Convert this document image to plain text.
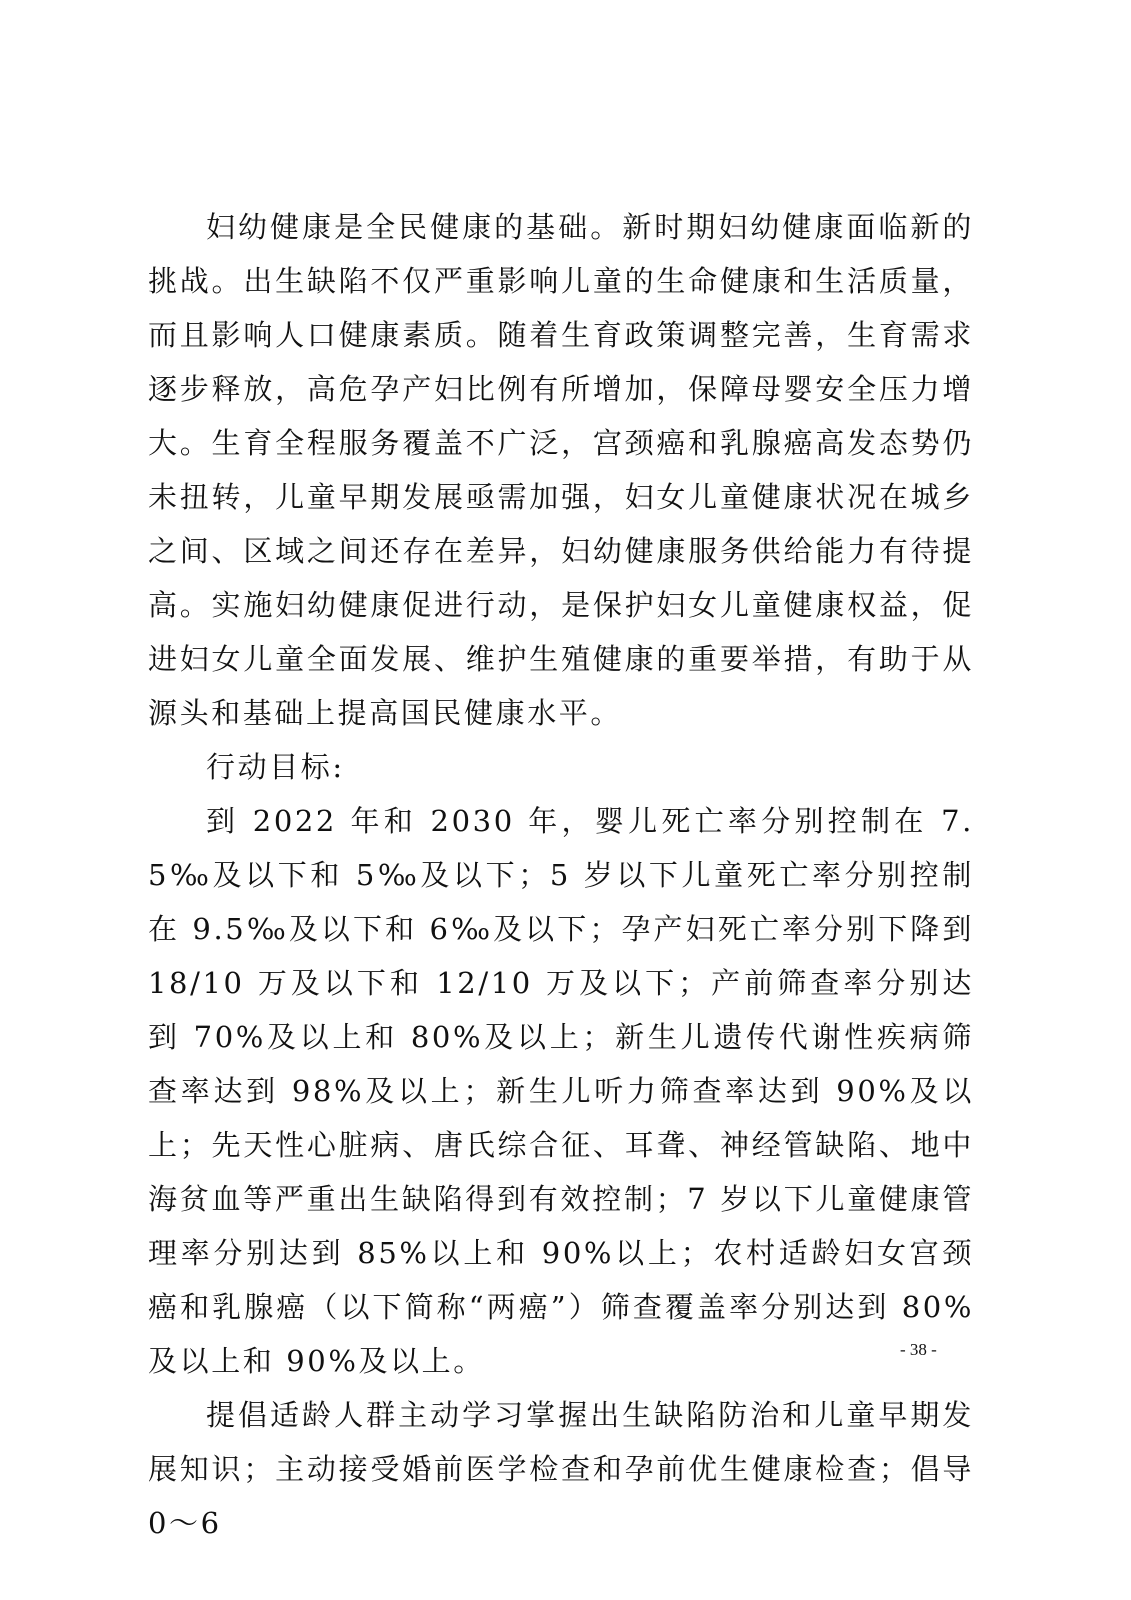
妇幼健康是全民健康的基础。新时期妇幼健康面临新的挑战。出生缺陷不仅严重影响儿童的生命健康和生活质量，而且影响人口健康素质。随着生育政策调整完善，生育需求逐步释放，高危孕产妇比例有所增加，保障母婴安全压力增大。生育全程服务覆盖不广泛，宫颈癌和乳腺癌高发态势仍未扭转，儿童早期发展亟需加强，妇女儿童健康状况在城乡之间、区域之间还存在差异，妇幼健康服务供给能力有待提高。实施妇幼健康促进行动，是保护妇女儿童健康权益，促进妇女儿童全面发展、维护生殖健康的重要举措，有助于从源头和基础上提高国民健康水平。

行动目标:

到 2022 年和 2030 年，婴儿死亡率分别控制在 7.5‰及以下和 5‰及以下；5 岁以下儿童死亡率分别控制在 9.5‰及以下和 6‰及以下；孕产妇死亡率分别下降到 18/10 万及以下和 12/10 万及以下；产前筛查率分别达到 70%及以上和 80%及以上；新生儿遗传代谢性疾病筛查率达到 98%及以上；新生儿听力筛查率达到 90%及以上；先天性心脏病、唐氏综合征、耳聋、神经管缺陷、地中海贫血等严重出生缺陷得到有效控制；7 岁以下儿童健康管理率分别达到 85%以上和 90%以上；农村适龄妇女宫颈癌和乳腺癌（以下简称“两癌”）筛查覆盖率分别达到 80%及以上和 90%及以上。

提倡适龄人群主动学习掌握出生缺陷防治和儿童早期发展知识；主动接受婚前医学检查和孕前优生健康检查；倡导 0～6

- 38 -
